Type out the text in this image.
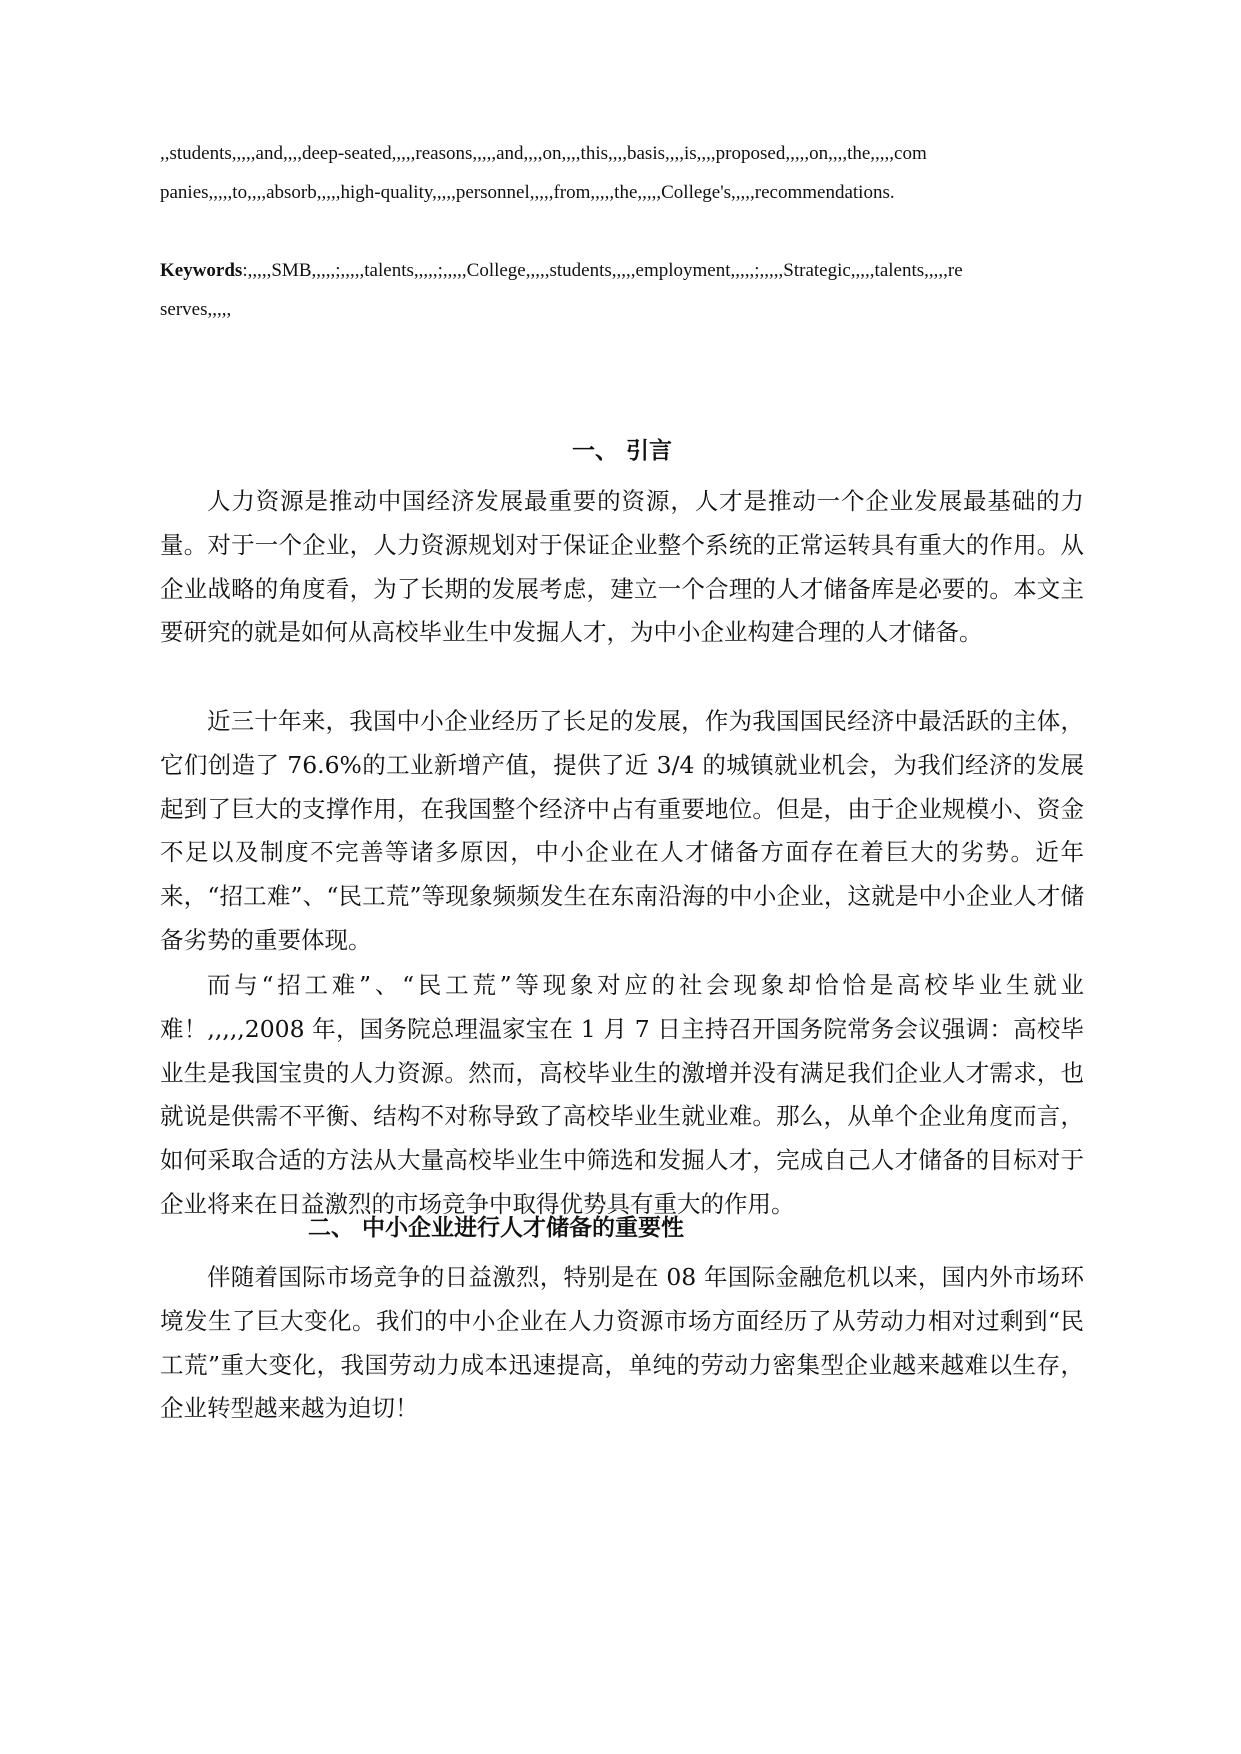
,,students,,,,,and,,,,deep-seated,,,,,reasons,,,,,and,,,,on,,,,this,,,,basis,,,,is,,,,proposed,,,,,on,,,,the,,,,,com
panies,,,,,to,,,,absorb,,,,,high-quality,,,,,personnel,,,,,from,,,,,the,,,,,College's,,,,,recommendations.
Keywords:,,,,,SMB,,,,,;,,,,,talents,,,,,;,,,,,College,,,,,students,,,,,employment,,,,,;,,,,,Strategic,,,,,talents,,,,,re
serves,,,,,
一、 引言

人力资源是推动中国经济发展最重要的资源，人才是推动一个企业发展最基础的力量。对于一个企业，人力资源规划对于保证企业整个系统的正常运转具有重大的作用。从企业战略的角度看，为了长期的发展考虑，建立一个合理的人才储备库是必要的。本文主要研究的就是如何从高校毕业生中发掘人才，为中小企业构建合理的人才储备。

近三十年来，我国中小企业经历了长足的发展，作为我国国民经济中最活跃的主体，它们创造了 76.6%的工业新增产值，提供了近 3/4 的城镇就业机会，为我们经济的发展起到了巨大的支撑作用，在我国整个经济中占有重要地位。但是，由于企业规模小、资金不足以及制度不完善等诸多原因，中小企业在人才储备方面存在着巨大的劣势。近年来，“招工难”、“民工荒”等现象频频发生在东南沿海的中小企业，这就是中小企业人才储备劣势的重要体现。

而与“招工难”、“民工荒”等现象对应的社会现象却恰恰是高校毕业生就业难！,,,,,2008 年，国务院总理温家宝在 1 月 7 日主持召开国务院常务会议强调：高校毕业生是我国宝贵的人力资源。然而，高校毕业生的激增并没有满足我们企业人才需求，也就说是供需不平衡、结构不对称导致了高校毕业生就业难。那么，从单个企业角度而言，如何采取合适的方法从大量高校毕业生中筛选和发掘人才，完成自己人才储备的目标对于企业将来在日益激烈的市场竞争中取得优势具有重大的作用。

二、 中小企业进行人才储备的重要性

伴随着国际市场竞争的日益激烈，特别是在 08 年国际金融危机以来，国内外市场环境发生了巨大变化。我们的中小企业在人力资源市场方面经历了从劳动力相对过剩到“民工荒”重大变化，我国劳动力成本迅速提高，单纯的劳动力密集型企业越来越难以生存，企业转型越来越为迫切！
